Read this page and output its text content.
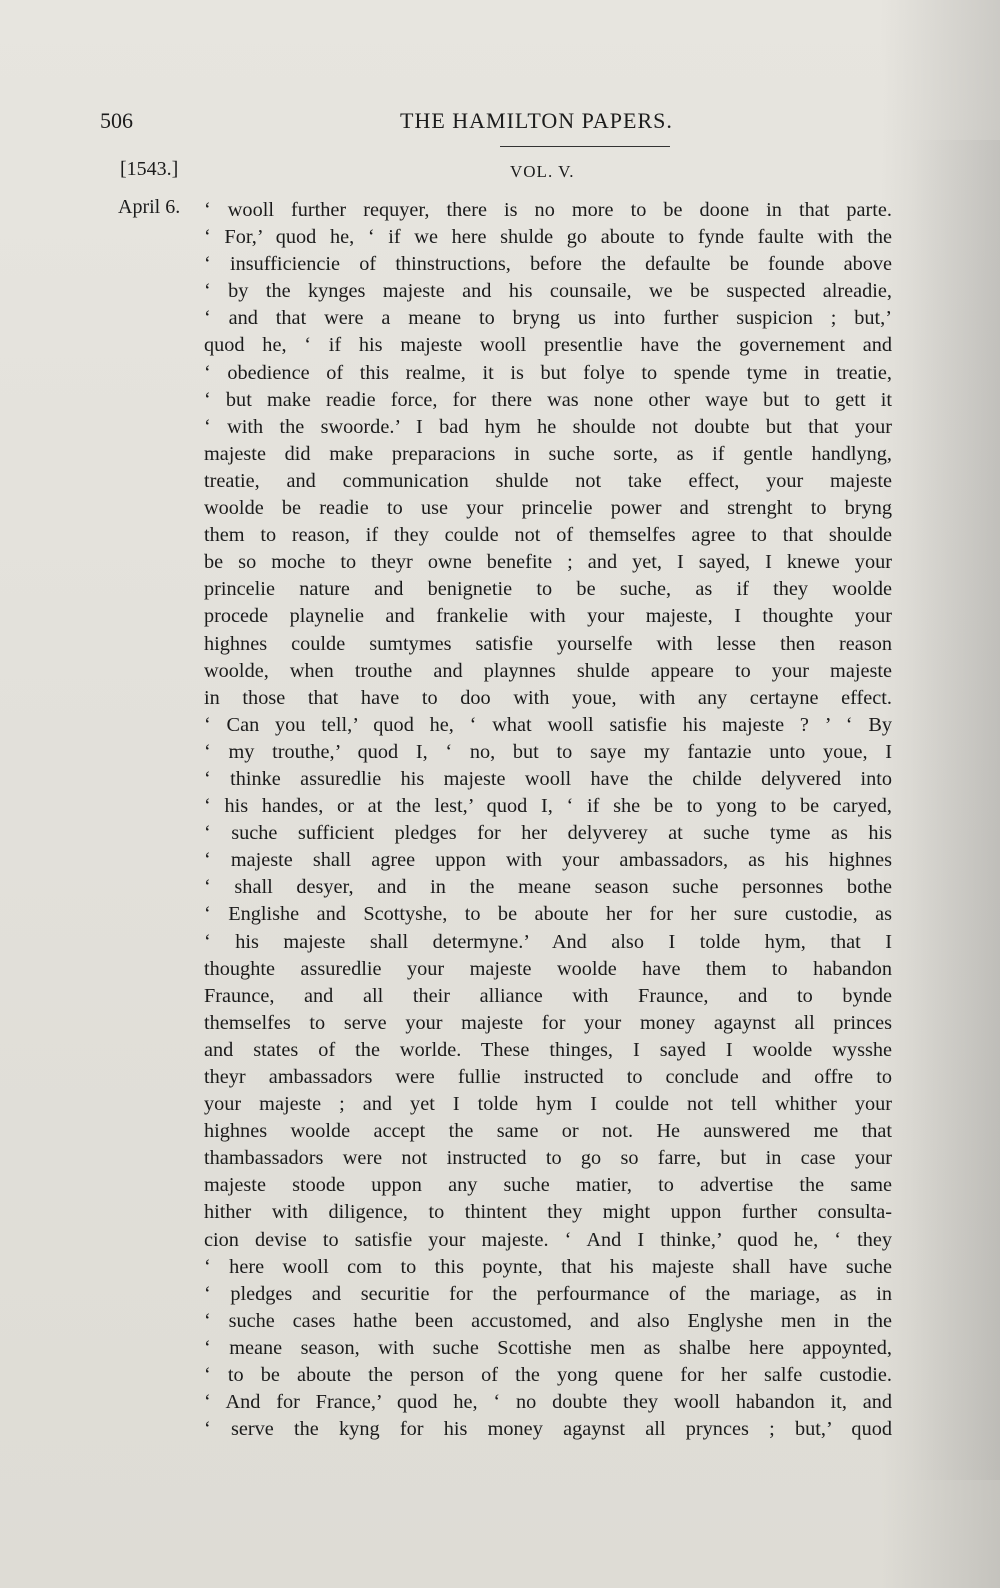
506	THE HAMILTON PAPERS.
[1543.]	VOL. V.
April 6. ‘ wooll further requyer, there is no more to be doone in that parte.
‘ For,’ quod he, ‘ if we here shulde go aboute to fynde faulte with the
‘ insufficiencie of thinstructions, before the defaulte be founde above
‘ by the kynges majeste and his counsaile, we be suspected alreadie,
‘ and that were a meane to bryng us into further suspicion ; but,’
quod he, ‘ if his majeste wooll presentlie have the governement and
‘ obedience of this realme, it is but folye to spende tyme in treatie,
‘ but make readie force, for there was none other waye but to gett it
‘ with the swoorde.’ I bad hym he shoulde not doubte but that your
majeste did make preparacions in suche sorte, as if gentle handlyng,
treatie, and communication shulde not take effect, your majeste
woolde be readie to use your princelie power and strenght to bryng
them to reason, if they coulde not of themselfes agree to that shoulde
be so moche to theyr owne benefite ; and yet, I sayed, I knewe your
princelie nature and benignetie to be suche, as if they woolde
procede playnelie and frankelie with your majeste, I thoughte your
highnes coulde sumtymes satisfie yourselfe with lesse then reason
woolde, when trouthe and playnnes shulde appeare to your majeste
in those that have to doo with youe, with any certayne effect.
‘ Can you tell,’ quod he, ‘ what wooll satisfie his majeste ? ’ ‘ By
‘ my trouthe,’ quod I, ‘ no, but to saye my fantazie unto youe, I
‘ thinke assuredlie his majeste wooll have the childe delyvered into
‘ his handes, or at the lest,’ quod I, ‘ if she be to yong to be caryed,
‘ suche sufficient pledges for her delyverey at suche tyme as his
‘ majeste shall agree uppon with your ambassadors, as his highnes
‘ shall desyer, and in the meane season suche personnes bothe
‘ Englishe and Scottyshe, to be aboute her for her sure custodie, as
‘ his majeste shall determyne.’ And also I tolde hym, that I
thoughte assuredlie your majeste woolde have them to habandon
Fraunce, and all their alliance with Fraunce, and to bynde
themselfes to serve your majeste for your money agaynst all princes
and states of the worlde. These thinges, I sayed I woolde wysshe
theyr ambassadors were fullie instructed to conclude and offre to
your majeste ; and yet I tolde hym I coulde not tell whither your
highnes woolde accept the same or not. He aunswered me that
thambassadors were not instructed to go so farre, but in case your
majeste stoode uppon any suche matier, to advertise the same
hither with diligence, to thintent they might uppon further consulta-
cion devise to satisfie your majeste. ‘ And I thinke,’ quod he, ‘ they
‘ here wooll com to this poynte, that his majeste shall have suche
‘ pledges and securitie for the perfourmance of the mariage, as in
‘ suche cases hathe been accustomed, and also Englyshe men in the
‘ meane season, with suche Scottishe men as shalbe here appoynted,
‘ to be aboute the person of the yong quene for her salfe custodie.
‘ And for France,’ quod he, ‘ no doubte they wooll habandon it, and
‘ serve the kyng for his money agaynst all prynces ; but,’ quod
